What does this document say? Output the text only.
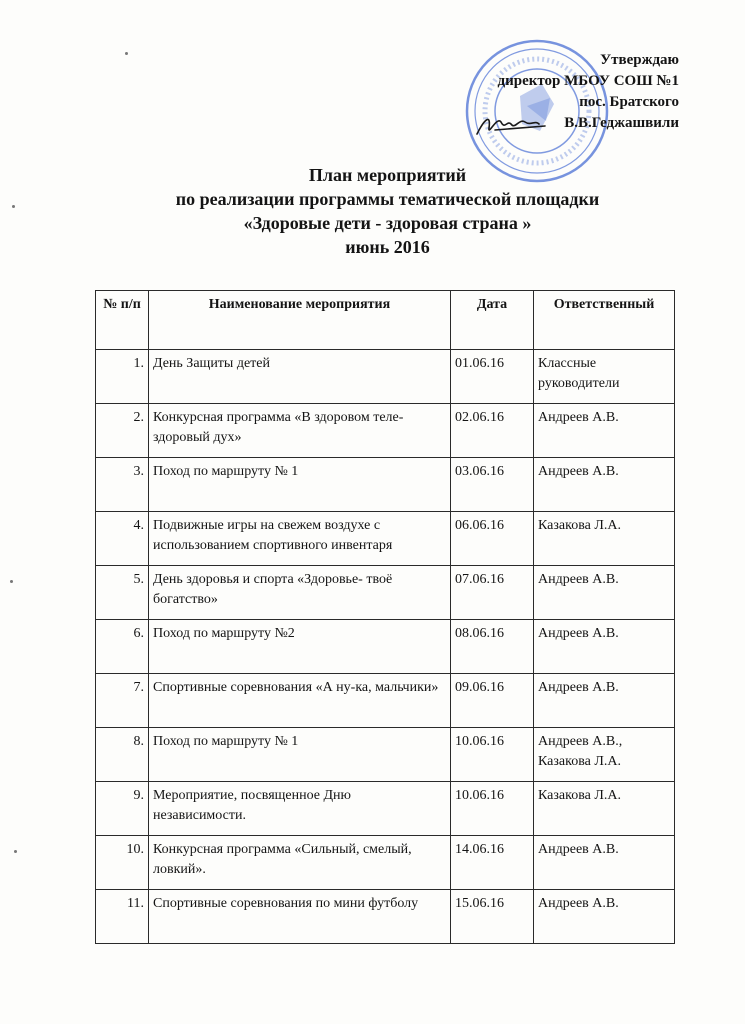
Утверждаю
директор МБОУ СОШ №1
пос. Братского
В.В.Геджашвили
План мероприятий
по реализации программы тематической площадки
«Здоровые дети - здоровая страна »
июнь 2016
№ п/п	Наименование мероприятия	Дата	Ответственный
1.	День Защиты детей	01.06.16	Классные руководители
2.	Конкурсная программа «В здоровом теле-здоровый дух»	02.06.16	Андреев А.В.
3.	Поход по маршруту № 1	03.06.16	Андреев А.В.
4.	Подвижные игры на свежем воздухе с использованием спортивного инвентаря	06.06.16	Казакова Л.А.
5.	День здоровья и спорта «Здоровье- твоё богатство»	07.06.16	Андреев А.В.
6.	Поход по маршруту №2	08.06.16	Андреев А.В.
7.	Спортивные соревнования «А ну-ка, мальчики»	09.06.16	Андреев А.В.
8.	Поход по маршруту № 1	10.06.16	Андреев А.В., Казакова Л.А.
9.	Мероприятие, посвященное Дню независимости.	10.06.16	Казакова Л.А.
10.	Конкурсная программа «Сильный, смелый, ловкий».	14.06.16	Андреев А.В.
11.	Спортивные соревнования по мини футболу	15.06.16	Андреев А.В.
